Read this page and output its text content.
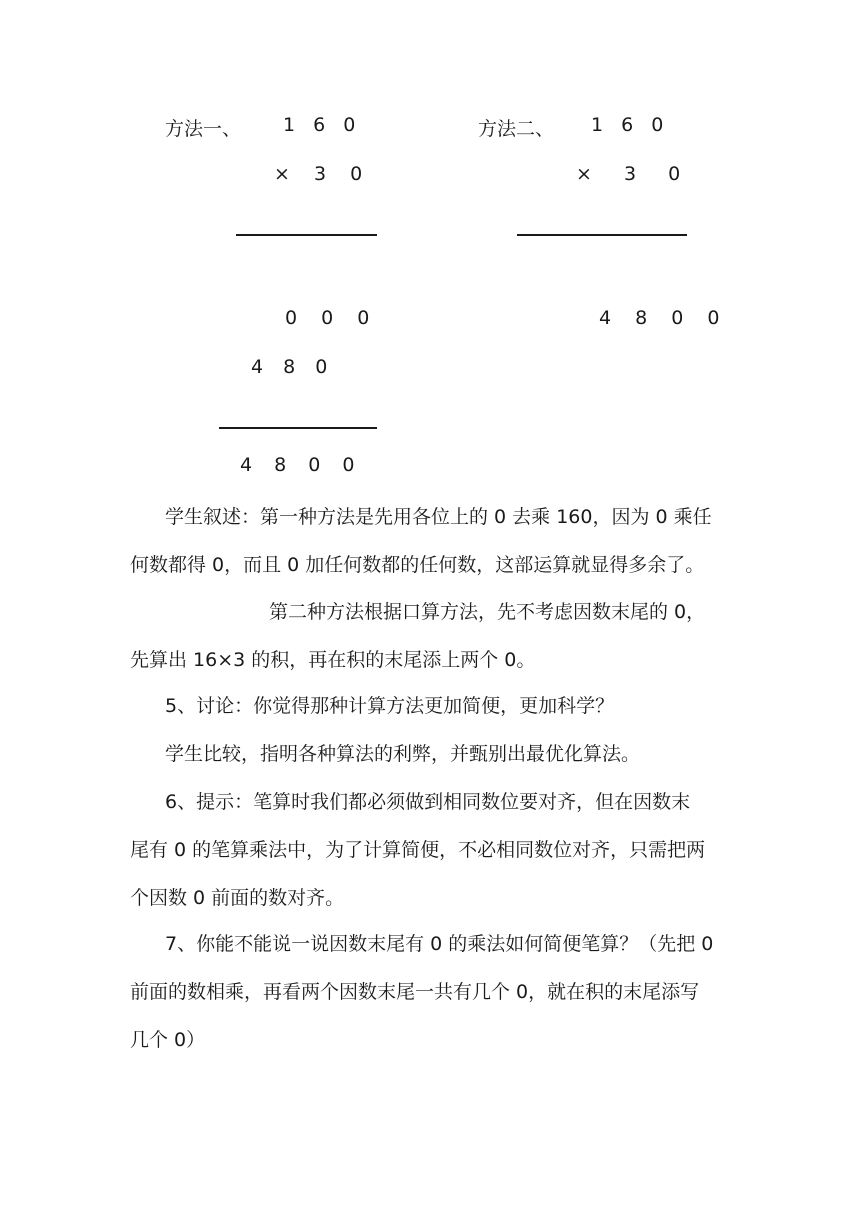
方法一、 1 6 0
× 3 0
0 0 0
4 8 0
4 8 0 0
方法二、 1 6 0
× 3 0
4 8 0 0
学生叙述：第一种方法是先用各位上的 0 去乘 160，因为 0 乘任
何数都得 0，而且 0 加任何数都的任何数，这部运算就显得多余了。
第二种方法根据口算方法，先不考虑因数末尾的 0，
先算出 16×3 的积，再在积的末尾添上两个 0。
5、讨论：你觉得那种计算方法更加简便，更加科学？
学生比较，指明各种算法的利弊，并甄别出最优化算法。
6、提示：笔算时我们都必须做到相同数位要对齐，但在因数末
尾有 0 的笔算乘法中，为了计算简便，不必相同数位对齐，只需把两
个因数 0 前面的数对齐。
7、你能不能说一说因数末尾有 0 的乘法如何简便笔算？（先把 0
前面的数相乘，再看两个因数末尾一共有几个 0，就在积的末尾添写
几个 0）
